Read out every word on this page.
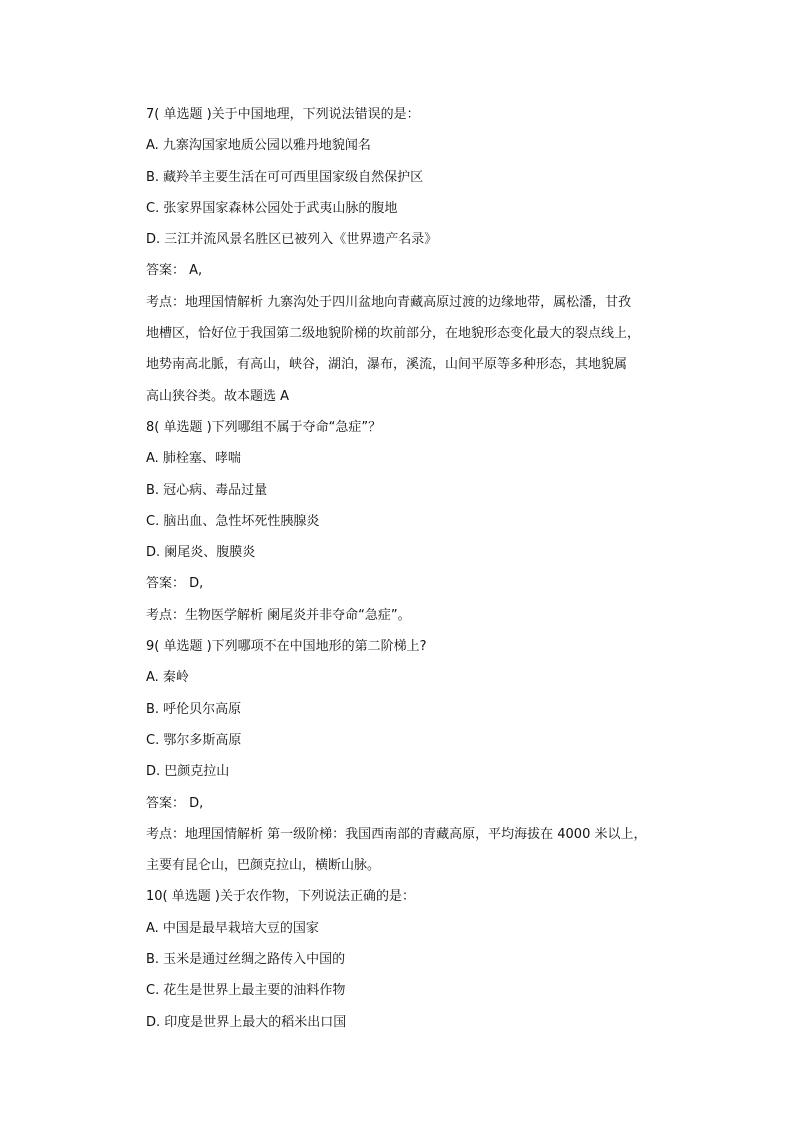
7( 单选题 )关于中国地理，下列说法错误的是：
A. 九寨沟国家地质公园以雅丹地貌闻名
B. 藏羚羊主要生活在可可西里国家级自然保护区
C. 张家界国家森林公园处于武夷山脉的腹地
D. 三江并流风景名胜区已被列入《世界遗产名录》
答案： A,
考点：地理国情解析 九寨沟处于四川盆地向青藏高原过渡的边缘地带，属松潘，甘孜
地槽区，恰好位于我国第二级地貌阶梯的坎前部分，在地貌形态变化最大的裂点线上，
地势南高北脈，有高山，峡谷，湖泊，瀑布，溪流，山间平原等多种形态，其地貌属
高山狭谷类。故本题选 A
8( 单选题 )下列哪组不属于夺命“急症”？
A. 肺栓塞、哮喘
B. 冠心病、毒品过量
C. 脑出血、急性坏死性胰腺炎
D. 阑尾炎、腹膜炎
答案： D,
考点：生物医学解析 阑尾炎并非夺命“急症”。
9( 单选题 )下列哪项不在中国地形的第二阶梯上?
A. 秦岭
B. 呼伦贝尔高原
C. 鄂尔多斯高原
D. 巴颜克拉山
答案： D,
考点：地理国情解析 第一级阶梯：我国西南部的青藏高原，平均海拔在 4000 米以上，
主要有昆仑山，巴颜克拉山，横断山脉。
10( 单选题 )关于农作物，下列说法正确的是：
A. 中国是最早栽培大豆的国家
B. 玉米是通过丝绸之路传入中国的
C. 花生是世界上最主要的油料作物
D. 印度是世界上最大的稻米出口国
